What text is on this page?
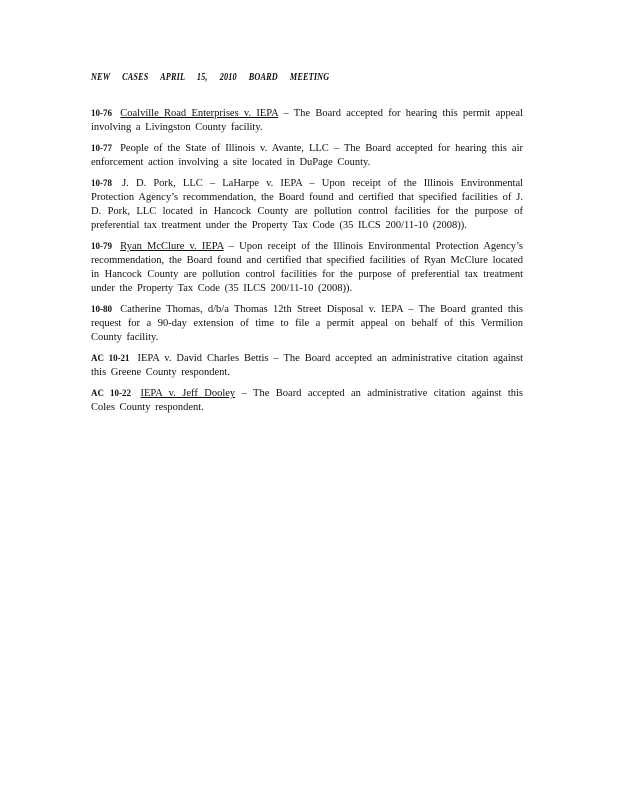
NEW CASES APRIL 15, 2010 BOARD MEETING

10-76 Coalville Road Enterprises v. IEPA – The Board accepted for hearing this permit appeal involving a Livingston County facility.

10-77 People of the State of Illinois v. Avante, LLC – The Board accepted for hearing this air enforcement action involving a site located in DuPage County.

10-78 J. D. Pork, LLC – LaHarpe v. IEPA – Upon receipt of the Illinois Environmental Protection Agency’s recommendation, the Board found and certified that specified facilities of J. D. Pork, LLC located in Hancock County are pollution control facilities for the purpose of preferential tax treatment under the Property Tax Code (35 ILCS 200/11-10 (2008)).

10-79 Ryan McClure v. IEPA – Upon receipt of the Illinois Environmental Protection Agency’s recommendation, the Board found and certified that specified facilities of Ryan McClure located in Hancock County are pollution control facilities for the purpose of preferential tax treatment under the Property Tax Code (35 ILCS 200/11-10 (2008)).

10-80 Catherine Thomas, d/b/a Thomas 12th Street Disposal v. IEPA – The Board granted this request for a 90-day extension of time to file a permit appeal on behalf of this Vermilion County facility.

AC 10-21 IEPA v. David Charles Bettis – The Board accepted an administrative citation against this Greene County respondent.

AC 10-22 IEPA v. Jeff Dooley – The Board accepted an administrative citation against this Coles County respondent.
